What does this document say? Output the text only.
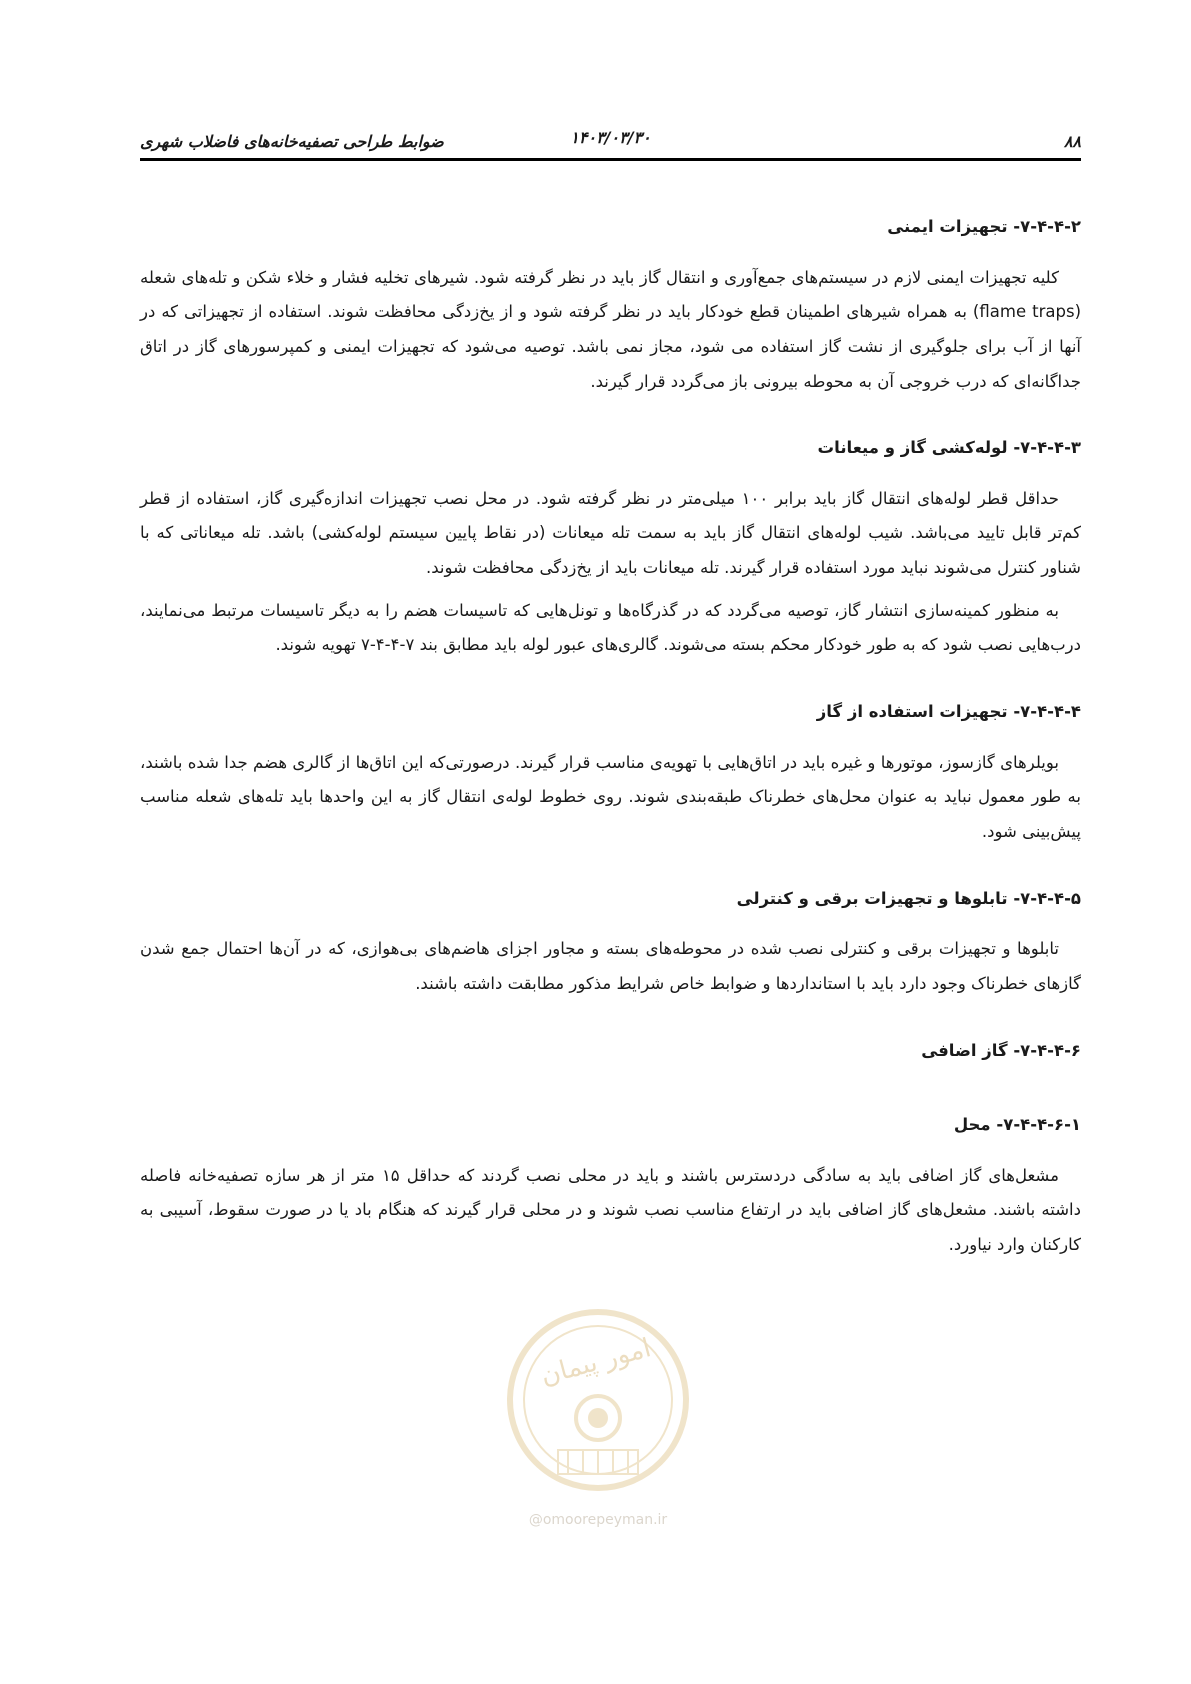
۸۸
۱۴۰۳/۰۳/۳۰
ضوابط طراحی تصفیه‌خانه‌های فاضلاب شهری
۷-۴-۴-۲- تجهیزات ایمنی

کلیه تجهیزات ایمنی لازم در سیستم‌های جمع‌آوری و انتقال گاز باید در نظر گرفته شود. شیرهای تخلیه فشار و خلاء شکن و تله‌های شعله (flame traps) به همراه شیرهای اطمینان قطع خودکار باید در نظر گرفته شود و از یخ‌زدگی محافظت شوند. استفاده از تجهیزاتی که در آنها از آب برای جلوگیری از نشت گاز استفاده می شود، مجاز نمی باشد. توصیه می‌شود که تجهیزات ایمنی و کمپرسورهای گاز در اتاق جداگانه‌ای که درب خروجی آن به محوطه بیرونی باز می‌گردد قرار گیرند.

۷-۴-۴-۳- لوله‌کشی گاز و میعانات

حداقل قطر لوله‌های انتقال گاز باید برابر ۱۰۰ میلی‌متر در نظر گرفته شود. در محل نصب تجهیزات اندازه‌گیری گاز، استفاده از قطر کم‌تر قابل تایید می‌باشد. شیب لوله‌های انتقال گاز باید به سمت تله میعانات (در نقاط پایین سیستم لوله‌کشی) باشد. تله میعاناتی که با شناور کنترل می‌شوند نباید مورد استفاده قرار گیرند. تله میعانات باید از یخ‌زدگی محافظت شوند.

به منظور کمینه‌سازی انتشار گاز، توصیه می‌گردد که در گذرگاه‌ها و تونل‌هایی که تاسیسات هضم را به دیگر تاسیسات مرتبط می‌نمایند، درب‌هایی نصب شود که به طور خودکار محکم بسته می‌شوند. گالری‌های عبور لوله باید مطابق بند ۷-۴-۴-۷ تهویه شوند.

۷-۴-۴-۴- تجهیزات استفاده از گاز

بویلرهای گازسوز، موتورها و غیره باید در اتاق‌هایی با تهویه‌ی مناسب قرار گیرند. درصورتی‌که این اتاق‌ها از گالری هضم جدا شده باشند، به طور معمول نباید به عنوان محل‌های خطرناک طبقه‌بندی شوند. روی خطوط لوله‌ی انتقال گاز به این واحدها باید تله‌های شعله مناسب پیش‌بینی شود.

۷-۴-۴-۵- تابلوها و تجهیزات برقی و کنترلی

تابلوها و تجهیزات برقی و کنترلی نصب شده در محوطه‌های بسته و مجاور اجزای هاضم‌های بی‌هوازی، که در آن‌ها احتمال جمع شدن گازهای خطرناک وجود دارد باید با استانداردها و ضوابط خاص شرایط مذکور مطابقت داشته باشند.

۷-۴-۴-۶- گاز اضافی
۷-۴-۴-۶-۱- محل

مشعل‌های گاز اضافی باید به سادگی دردسترس باشند و باید در محلی نصب گردند که حداقل ۱۵ متر از هر سازه تصفیه‌خانه فاصله داشته باشند. مشعل‌های گاز اضافی باید در ارتفاع مناسب نصب شوند و در محلی قرار گیرند که هنگام باد یا در صورت سقوط، آسیبی به کارکنان وارد نیاورد.

امور پیمان
@omoorepeyman.ir
